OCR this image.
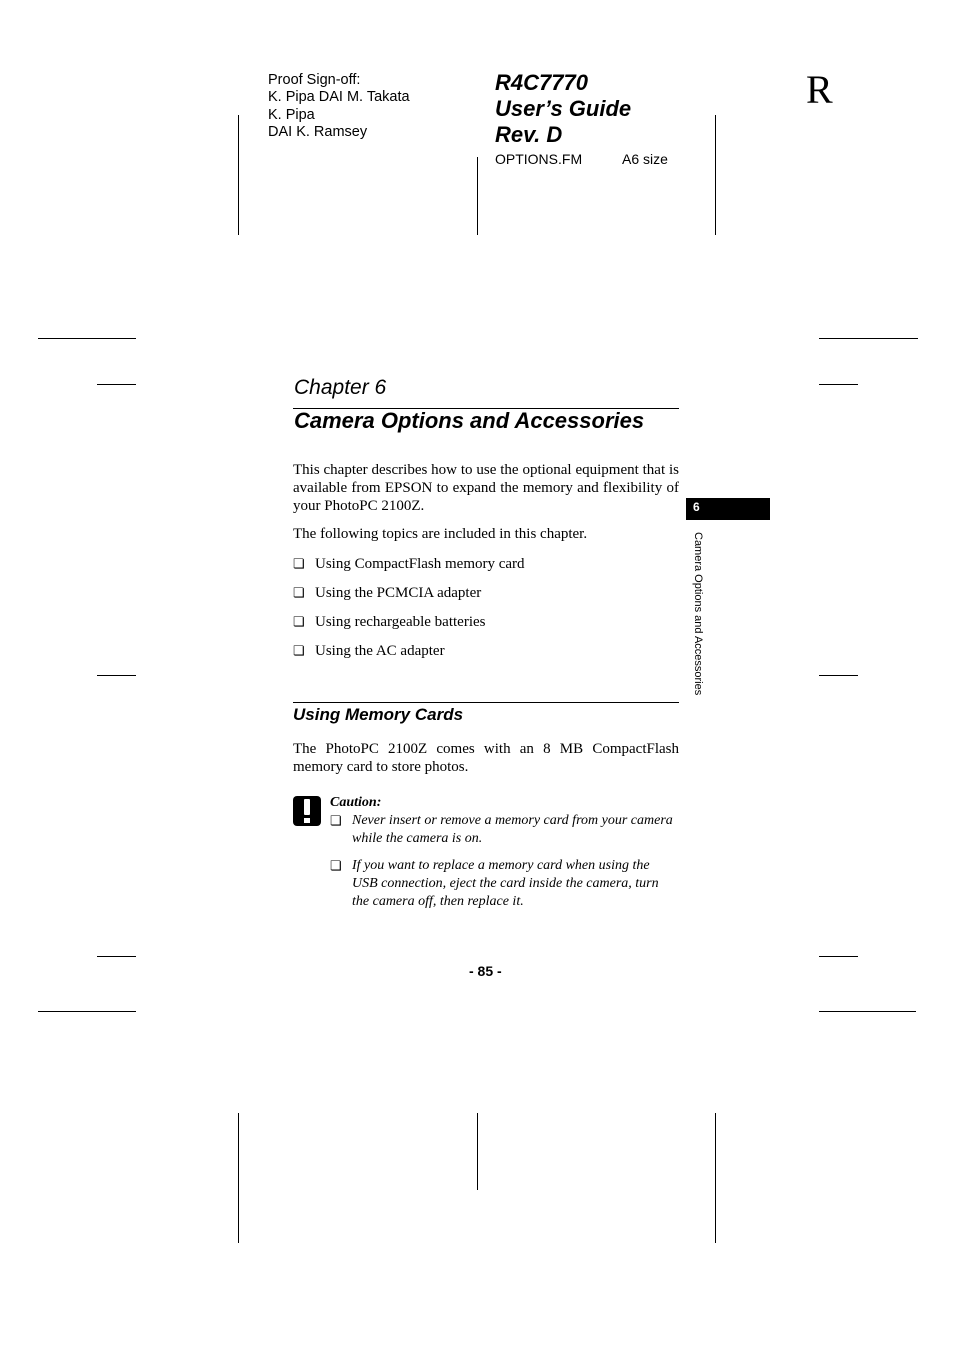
Proof Sign-off:
K. Pipa DAI M. Takata
K. Pipa
DAI K. Ramsey
R4C7770
User’s Guide
Rev. D
OPTIONS.FM	A6 size
R
Chapter 6
Camera Options and Accessories
This chapter describes how to use the optional equipment that is available from EPSON to expand the memory and flexibility of your PhotoPC 2100Z.
The following topics are included in this chapter.
❏ Using CompactFlash memory card
❏ Using the PCMCIA adapter
❏ Using rechargeable batteries
❏ Using the AC adapter
Using Memory Cards
The PhotoPC 2100Z comes with an 8 MB CompactFlash memory card to store photos.
Caution:
❏ Never insert or remove a memory card from your camera while the camera is on.
❏ If you want to replace a memory card when using the USB connection, eject the card inside the camera, turn the camera off, then replace it.
6
Camera Options and Accessories
- 85 -
